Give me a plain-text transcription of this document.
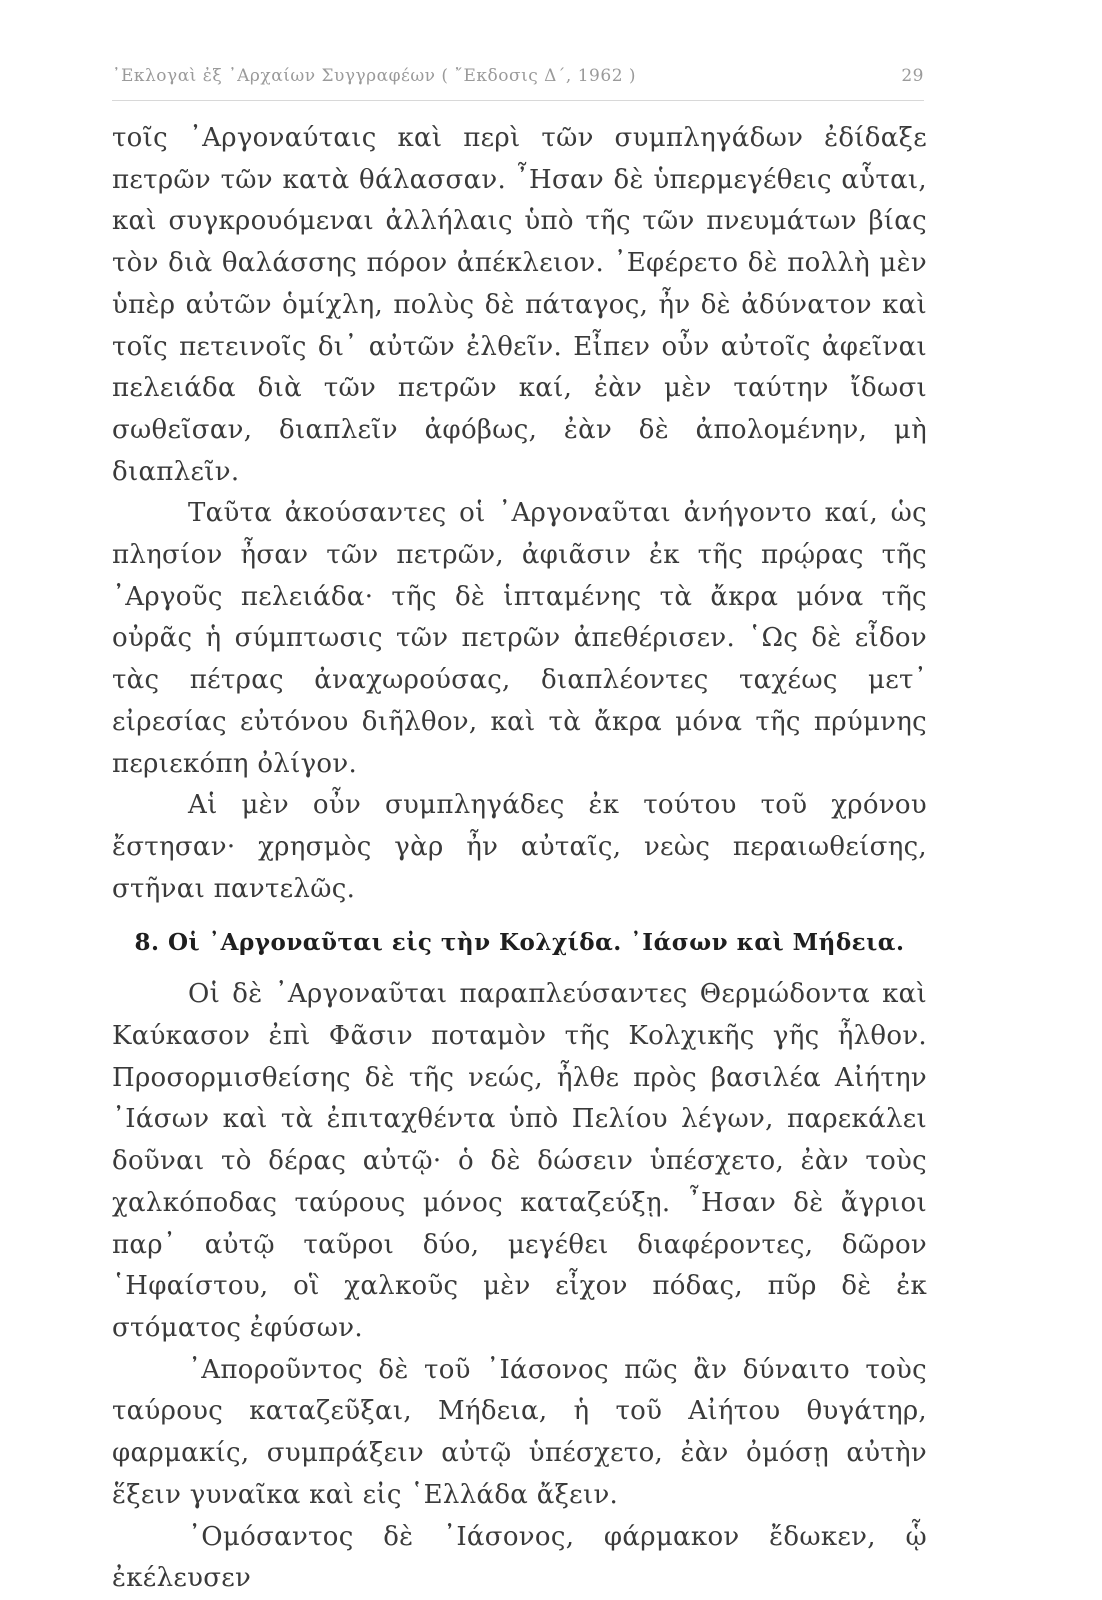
᾿Εκλογαὶ ἐξ ᾿Αρχαίων Συγγραφέων ( ῎Εκδοσις Δ΄, 1962 )	29

τοῖς ᾿Αργοναύταις καὶ περὶ τῶν συμπληγάδων ἐδίδαξε πετρῶν τῶν κατὰ θάλασσαν. ῏Ησαν δὲ ὑπερμεγέθεις αὗται, καὶ συγκρουόμεναι ἀλλήλαις ὑπὸ τῆς τῶν πνευμάτων βίας τὸν διὰ θαλάσσης πόρον ἀπέκλειον. ᾿Εφέρετο δὲ πολλὴ μὲν ὑπὲρ αὐτῶν ὁμίχλη, πολὺς δὲ πάταγος, ἦν δὲ ἀδύνατον καὶ τοῖς πετεινοῖς δι᾿ αὐτῶν ἐλθεῖν. Εἶπεν οὖν αὐτοῖς ἀφεῖναι πελειάδα διὰ τῶν πετρῶν καί, ἐὰν μὲν ταύτην ἴδωσι σωθεῖσαν, διαπλεῖν ἀφόβως, ἐὰν δὲ ἀπολομένην, μὴ διαπλεῖν.

Ταῦτα ἀκούσαντες οἱ ᾿Αργοναῦται ἀνήγοντο καί, ὡς πλησίον ἦσαν τῶν πετρῶν, ἀφιᾶσιν ἐκ τῆς πρῴρας τῆς ᾿Αργοῦς πελειάδα· τῆς δὲ ἱπταμένης τὰ ἄκρα μόνα τῆς οὐρᾶς ἡ σύμπτωσις τῶν πετρῶν ἀπεθέρισεν. ῾Ως δὲ εἶδον τὰς πέτρας ἀναχωρούσας, διαπλέοντες ταχέως μετ᾿ εἰρεσίας εὐτόνου διῆλθον, καὶ τὰ ἄκρα μόνα τῆς πρύμνης περιεκόπη ὀλίγον.

Αἱ μὲν οὖν συμπληγάδες ἐκ τούτου τοῦ χρόνου ἔστησαν· χρησμὸς γὰρ ἦν αὐταῖς, νεὼς περαιωθείσης, στῆναι παντελῶς.

8. Οἱ ᾿Αργοναῦται εἰς τὴν Κολχίδα. ᾿Ιάσων καὶ Μήδεια.

Οἱ δὲ ᾿Αργοναῦται παραπλεύσαντες Θερμώδοντα καὶ Καύκασον ἐπὶ Φᾶσιν ποταμὸν τῆς Κολχικῆς γῆς ἦλθον. Προσορμισθείσης δὲ τῆς νεώς, ἦλθε πρὸς βασιλέα Αἰήτην ᾿Ιάσων καὶ τὰ ἐπιταχθέντα ὑπὸ Πελίου λέγων, παρεκάλει δοῦναι τὸ δέρας αὐτῷ· ὁ δὲ δώσειν ὑπέσχετο, ἐὰν τοὺς χαλκόποδας ταύρους μόνος καταζεύξῃ. ῏Ησαν δὲ ἄγριοι παρ᾿ αὐτῷ ταῦροι δύο, μεγέθει διαφέροντες, δῶρον ῾Ηφαίστου, οἳ χαλκοῦς μὲν εἶχον πόδας, πῦρ δὲ ἐκ στόματος ἐφύσων.

᾿Απορoῦντος δὲ τοῦ ᾿Ιάσονος πῶς ἂν δύναιτο τοὺς ταύρους καταζεῦξαι, Μήδεια, ἡ τοῦ Αἰήτου θυγάτηρ, φαρμακίς, συμπράξειν αὐτῷ ὑπέσχετο, ἐὰν ὀμόσῃ αὐτὴν ἕξειν γυναῖκα καὶ εἰς ῾Ελλάδα ἄξειν.

᾿Ομόσαντος δὲ ᾿Ιάσονος, φάρμακον ἔδωκεν, ᾧ ἐκέλευσεν
